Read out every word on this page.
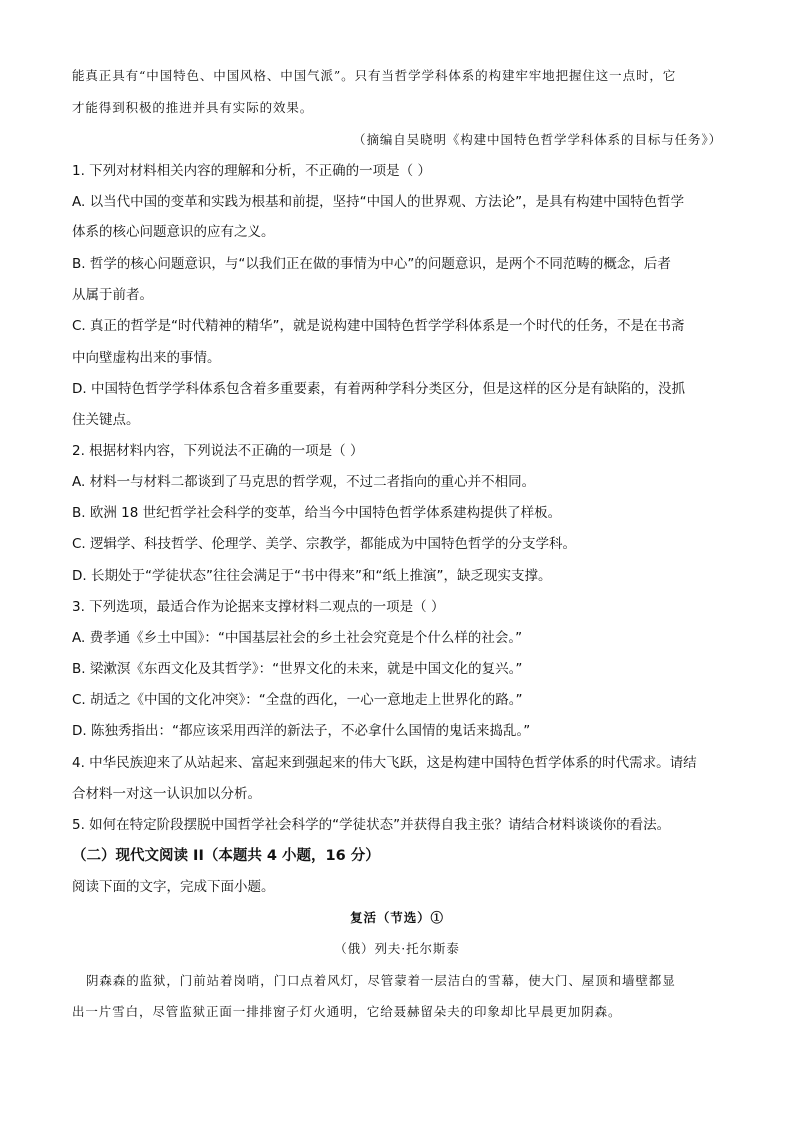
能真正具有“中国特色、中国风格、中国气派”。只有当哲学学科体系的构建牢牢地把握住这一点时，它
才能得到积极的推进并具有实际的效果。
（摘编自吴晓明《构建中国特色哲学学科体系的目标与任务》）
1. 下列对材料相关内容的理解和分析，不正确的一项是（ ）
A. 以当代中国的变革和实践为根基和前提，坚持“中国人的世界观、方法论”，是具有构建中国特色哲学
体系的核心问题意识的应有之义。
B. 哲学的核心问题意识，与“以我们正在做的事情为中心”的问题意识，是两个不同范畴的概念，后者
从属于前者。
C. 真正的哲学是“时代精神的精华”，就是说构建中国特色哲学学科体系是一个时代的任务，不是在书斋
中向壁虚构出来的事情。
D. 中国特色哲学学科体系包含着多重要素，有着两种学科分类区分，但是这样的区分是有缺陷的，没抓
住关键点。
2. 根据材料内容，下列说法不正确的一项是（ ）
A. 材料一与材料二都谈到了马克思的哲学观，不过二者指向的重心并不相同。
B. 欧洲 18 世纪哲学社会科学的变革，给当今中国特色哲学体系建构提供了样板。
C. 逻辑学、科技哲学、伦理学、美学、宗教学，都能成为中国特色哲学的分支学科。
D. 长期处于“学徒状态”往往会满足于“书中得来”和“纸上推演”，缺乏现实支撑。
3. 下列选项，最适合作为论据来支撑材料二观点的一项是（ ）
A. 费孝通《乡土中国》：“中国基层社会的乡土社会究竟是个什么样的社会。”
B. 梁漱溟《东西文化及其哲学》：“世界文化的未来，就是中国文化的复兴。”
C. 胡适之《中国的文化冲突》：“全盘的西化，一心一意地走上世界化的路。”
D. 陈独秀指出：“都应该采用西洋的新法子，不必拿什么国情的鬼话来捣乱。”
4. 中华民族迎来了从站起来、富起来到强起来的伟大飞跃，这是构建中国特色哲学体系的时代需求。请结
合材料一对这一认识加以分析。
5. 如何在特定阶段摆脱中国哲学社会科学的“学徒状态”并获得自我主张？请结合材料谈谈你的看法。
（二）现代文阅读 II（本题共 4 小题，16 分）
阅读下面的文字，完成下面小题。
复活（节选）①
（俄）列夫·托尔斯泰
阴森森的监狱，门前站着岗哨，门口点着风灯，尽管蒙着一层洁白的雪幕，使大门、屋顶和墙壁都显
出一片雪白，尽管监狱正面一排排窗子灯火通明，它给聂赫留朵夫的印象却比早晨更加阴森。
